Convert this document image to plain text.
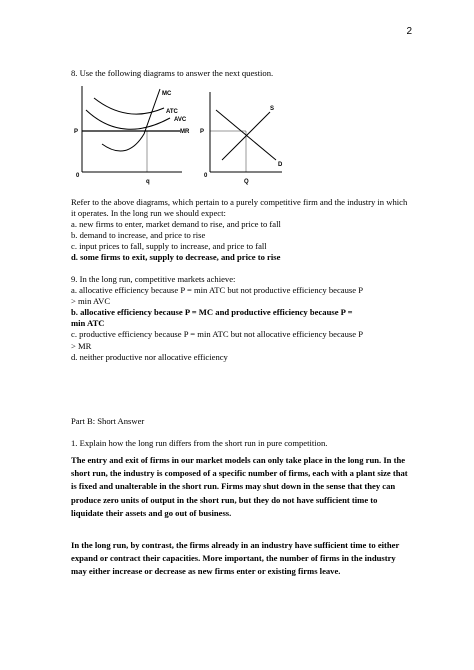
2

8. Use the following diagrams to answer the next question.

MC
ATC
AVC
MR
P
0
q
S
D
P
0
Q

Refer to the above diagrams, which pertain to a purely competitive firm and the industry in which it operates. In the long run we should expect:

a. new firms to enter, market demand to rise, and price to fall

b. demand to increase, and price to rise

c. input prices to fall, supply to increase, and price to fall

d. some firms to exit, supply to decrease, and price to rise

9. In the long run, competitive markets achieve:

a. allocative efficiency because P = min ATC but not productive efficiency because P

> min AVC

b. allocative efficiency because P = MC and productive efficiency because P =

min ATC

c. productive efficiency because P = min ATC but not allocative efficiency because P

> MR

d. neither productive nor allocative efficiency

Part B: Short Answer

1. Explain how the long run differs from the short run in pure competition.

The entry and exit of firms in our market models can only take place in the long run. In the short run, the industry is composed of a specific number of firms, each with a plant size that is fixed and unalterable in the short run. Firms may shut down in the sense that they can produce zero units of output in the short run, but they do not have sufficient time to liquidate their assets and go out of business.

In the long run, by contrast, the firms already in an industry have sufficient time to either expand or contract their capacities. More important, the number of firms in the industry may either increase or decrease as new firms enter or existing firms leave.
